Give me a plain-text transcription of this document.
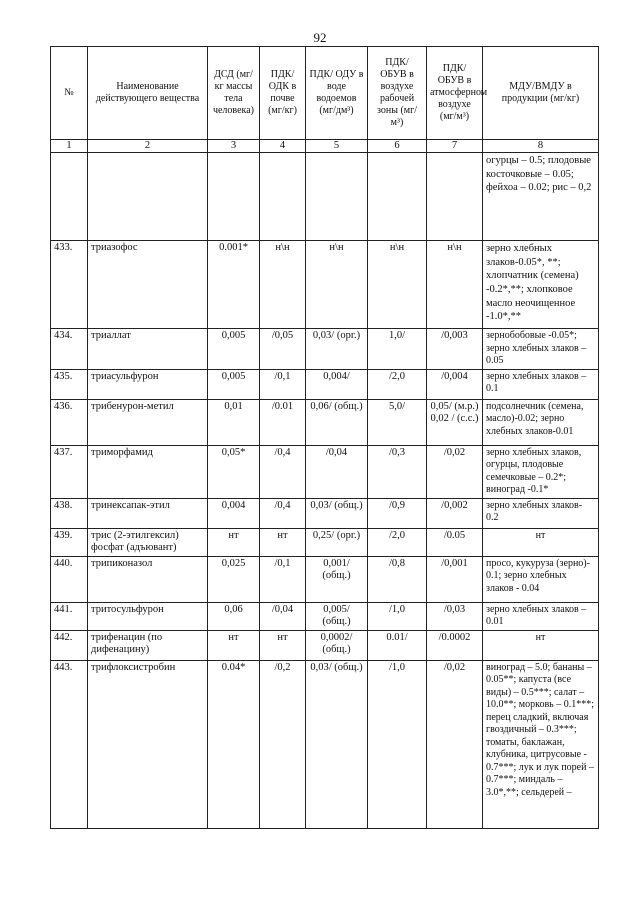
92
№	Наименование действующего вещества	ДСД (мг/кг массы тела человека)	ПДК/ ОДК в почве (мг/кг)	ПДК/ ОДУ в воде водоемов (мг/дм³)	ПДК/ ОБУВ в воздухе рабочей зоны (мг/м³)	ПДК/ ОБУВ в атмосферном воздухе (мг/м³)	МДУ/ВМДУ в продукции (мг/кг)
1	2	3	4	5	6	7	8
							огурцы – 0.5; плодовые косточковые – 0.05; фейхоа – 0.02; рис – 0,2
433.	триазофос	0.001*	н\н	н\н	н\н	н\н	зерно хлебных злаков-0.05*, **; хлопчатник (семена) -0.2*,**; хлопковое масло неочищенное -1.0*,**
434.	триаллат	0,005	/0,05	0,03/ (орг.)	1,0/	/0,003	зернобобовые -0.05*; зерно хлебных злаков – 0.05
435.	триасульфурон	0,005	/0,1	0,004/	/2,0	/0,004	зерно хлебных злаков – 0.1
436.	трибенурон-метил	0,01	/0.01	0,06/ (общ.)	5,0/	0,05/ (м.р.) 0,02 / (с.с.)	подсолнечник (семена, масло)-0.02; зерно хлебных злаков-0.01
437.	триморфамид	0,05*	/0,4	/0,04	/0,3	/0,02	зерно хлебных злаков, огурцы, плодовые семечковые – 0.2*; виноград -0.1*
438.	тринексапак-этил	0,004	/0,4	0,03/ (общ.)	/0,9	/0,002	зерно хлебных злаков- 0.2
439.	трис (2-этилгексил) фосфат (адъювант)	нт	нт	0,25/ (орг.)	/2,0	/0.05	нт
440.	трипиконазол	0,025	/0,1	0,001/ (общ.)	/0,8	/0,001	просо, кукуруза (зерно)- 0.1; зерно хлебных злаков - 0.04
441.	тритосульфурон	0,06	/0,04	0,005/ (общ.)	/1,0	/0,03	зерно хлебных злаков – 0.01
442.	трифенацин (по дифенацину)	нт	нт	0,0002/ (общ.)	0.01/	/0.0002	нт
443.	трифлоксистробин	0.04*	/0,2	0,03/ (общ.)	/1,0	/0,02	виноград – 5.0; бананы – 0.05**; капуста (все виды) – 0.5***; салат – 10.0**; морковь – 0.1***; перец сладкий, включая гвоздичный – 0.3***; томаты, баклажан, клубника, цитрусовые - 0.7***; лук и лук порей – 0.7***; миндаль – 3.0*,**; сельдерей –
